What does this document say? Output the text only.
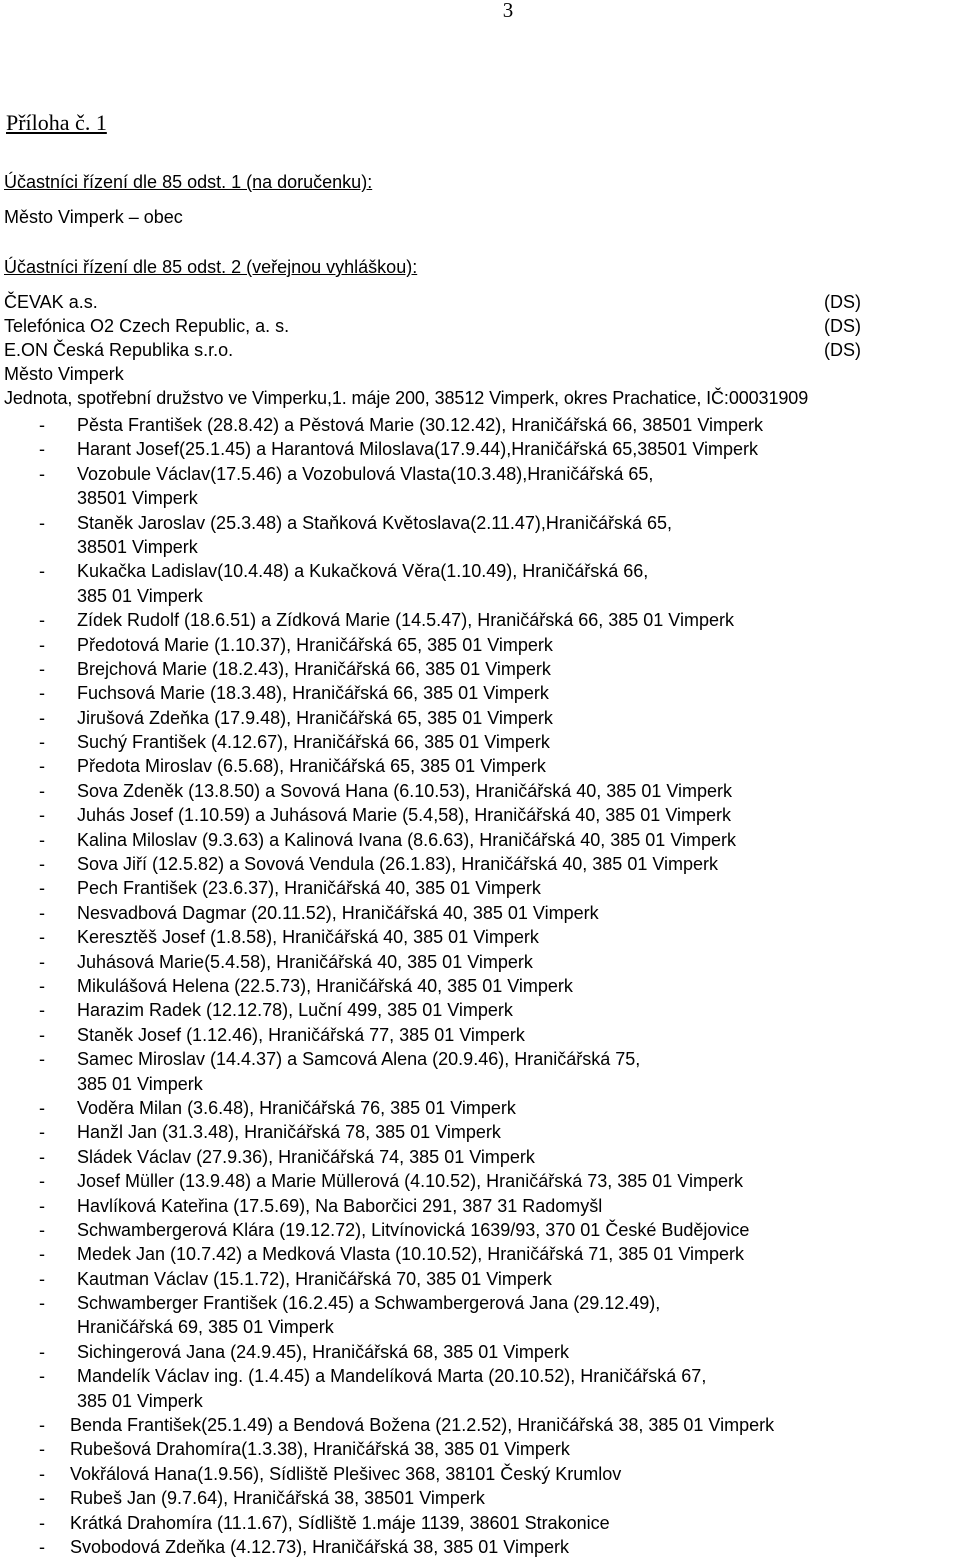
3
Příloha č. 1
Účastníci řízení dle 85 odst. 1 (na doručenku):
Město Vimperk – obec
Účastníci řízení dle 85 odst. 2 (veřejnou vyhláškou):
ČEVAK a.s.	(DS)
Telefónica O2 Czech Republic, a. s.	(DS)
E.ON Česká Republika s.r.o.	(DS)
Město Vimperk
Jednota, spotřební družstvo ve Vimperku,1. máje 200, 38512 Vimperk, okres Prachatice, IČ:00031909
- Pěsta František (28.8.42) a Pěstová Marie (30.12.42), Hraničářská 66, 38501 Vimperk
- Harant Josef(25.1.45) a Harantová Miloslava(17.9.44),Hraničářská 65,38501 Vimperk
- Vozobule Václav(17.5.46) a Vozobulová Vlasta(10.3.48),Hraničářská 65,
38501 Vimperk
- Staněk Jaroslav (25.3.48) a Staňková Květoslava(2.11.47),Hraničářská 65,
38501 Vimperk
- Kukačka Ladislav(10.4.48) a Kukačková Věra(1.10.49), Hraničářská 66,
385 01 Vimperk
- Zídek Rudolf (18.6.51) a Zídková Marie (14.5.47), Hraničářská 66, 385 01 Vimperk
- Předotová Marie (1.10.37), Hraničářská 65, 385 01 Vimperk
- Brejchová Marie (18.2.43), Hraničářská 66, 385 01 Vimperk
- Fuchsová Marie (18.3.48), Hraničářská 66, 385 01 Vimperk
- Jirušová Zdeňka (17.9.48), Hraničářská 65, 385 01 Vimperk
- Suchý František (4.12.67), Hraničářská 66, 385 01 Vimperk
- Předota Miroslav (6.5.68), Hraničářská 65, 385 01 Vimperk
- Sova Zdeněk (13.8.50) a Sovová Hana (6.10.53), Hraničářská 40, 385 01 Vimperk
- Juhás Josef (1.10.59) a Juhásová Marie (5.4,58), Hraničářská 40, 385 01 Vimperk
- Kalina Miloslav (9.3.63) a Kalinová Ivana (8.6.63), Hraničářská 40, 385 01 Vimperk
- Sova Jiří (12.5.82) a Sovová Vendula (26.1.83), Hraničářská 40, 385 01 Vimperk
- Pech František (23.6.37), Hraničářská 40, 385 01 Vimperk
- Nesvadbová Dagmar (20.11.52), Hraničářská 40, 385 01 Vimperk
- Keresztěš Josef (1.8.58), Hraničářská 40, 385 01 Vimperk
- Juhásová Marie(5.4.58), Hraničářská 40, 385 01 Vimperk
- Mikulášová Helena (22.5.73), Hraničářská 40, 385 01 Vimperk
- Harazim Radek (12.12.78), Luční 499, 385 01 Vimperk
- Staněk Josef (1.12.46), Hraničářská 77, 385 01 Vimperk
- Samec Miroslav (14.4.37) a Samcová Alena (20.9.46), Hraničářská 75,
385 01 Vimperk
- Voděra Milan (3.6.48), Hraničářská 76, 385 01 Vimperk
- Hanžl Jan (31.3.48), Hraničářská 78, 385 01 Vimperk
- Sládek Václav (27.9.36), Hraničářská 74, 385 01 Vimperk
- Josef Müller (13.9.48) a Marie Müllerová (4.10.52), Hraničářská 73, 385 01 Vimperk
- Havlíková Kateřina (17.5.69), Na Baborčici 291, 387 31 Radomyšl
- Schwambergerová Klára (19.12.72), Litvínovická 1639/93, 370 01 České Budějovice
- Medek Jan (10.7.42) a Medková Vlasta (10.10.52), Hraničářská 71, 385 01 Vimperk
- Kautman Václav (15.1.72), Hraničářská 70, 385 01 Vimperk
- Schwamberger František (16.2.45) a Schwambergerová Jana (29.12.49),
Hraničářská 69, 385 01 Vimperk
- Sichingerová Jana (24.9.45), Hraničářská 68, 385 01 Vimperk
- Mandelík Václav ing. (1.4.45) a Mandelíková Marta (20.10.52), Hraničářská 67,
385 01 Vimperk
- Benda František(25.1.49) a Bendová Božena (21.2.52), Hraničářská 38, 385 01 Vimperk
- Rubešová Drahomíra(1.3.38), Hraničářská 38, 385 01 Vimperk
- Vokřálová Hana(1.9.56), Sídliště Plešivec 368, 38101 Český Krumlov
- Rubeš Jan (9.7.64), Hraničářská 38, 38501 Vimperk
- Krátká Drahomíra (11.1.67), Sídliště 1.máje 1139, 38601 Strakonice
- Svobodová Zdeňka (4.12.73), Hraničářská 38, 385 01 Vimperk
